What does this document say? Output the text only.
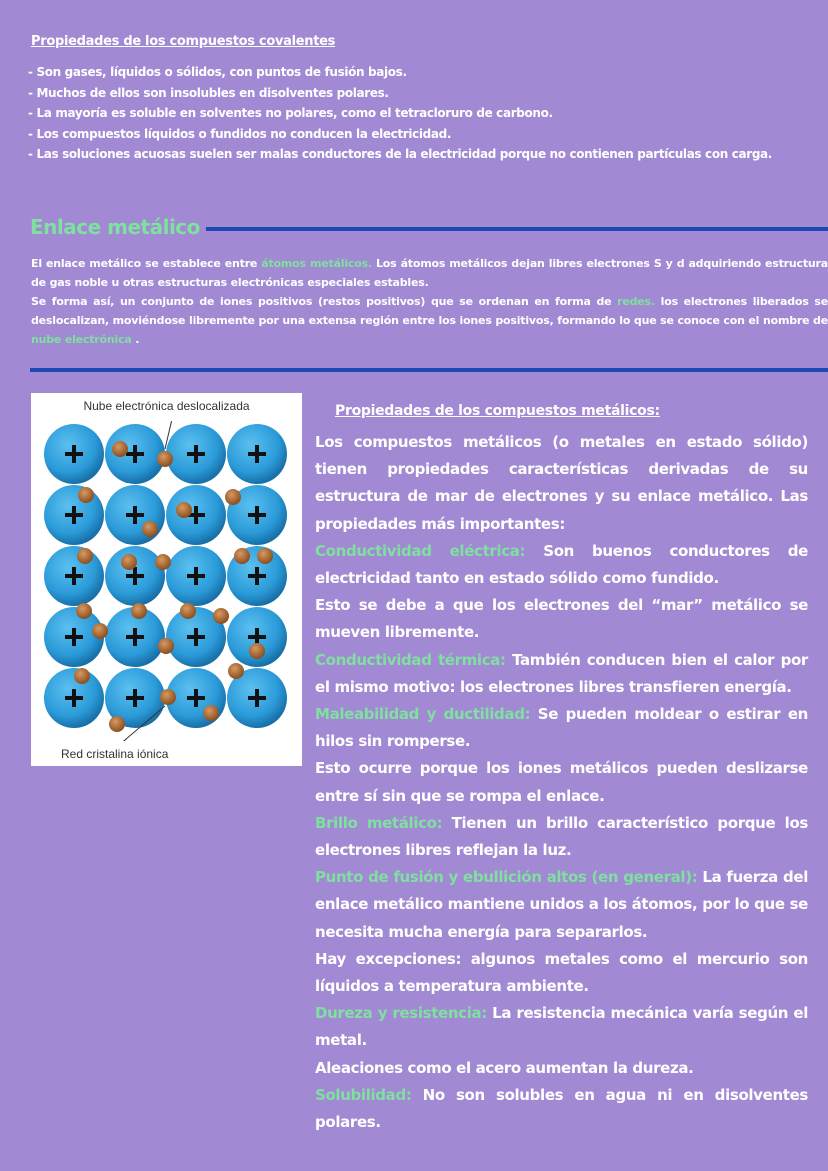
Propiedades de los compuestos covalentes
- Son gases, líquidos o sólidos, con puntos de fusión bajos.
- Muchos de ellos son insolubles en disolventes polares.
- La mayoría es soluble en solventes no polares, como el tetracloruro de carbono.
- Los compuestos líquidos o fundidos no conducen la electricidad.
- Las soluciones acuosas suelen ser malas conductores de la electricidad porque no contienen partículas con carga.
Enlace metálico
El enlace metálico se establece entre átomos metálicos. Los átomos metálicos dejan libres electrones S y d adquiriendo estructura de gas noble u otras estructuras electrónicas especiales estables.
Se forma así, un conjunto de iones positivos (restos positivos) que se ordenan en forma de redes. los electrones liberados se deslocalizan, moviéndose libremente por una extensa región entre los iones positivos, formando lo que se conoce con el nombre de nube electrónica .
Nube electrónica deslocalizada
Red cristalina iónica
Propiedades de los compuestos metálicos:

Los compuestos metálicos (o metales en estado sólido) tienen propiedades características derivadas de su estructura de mar de electrones y su enlace metálico. Las propiedades más importantes:

Conductividad eléctrica: Son buenos conductores de electricidad tanto en estado sólido como fundido.

Esto se debe a que los electrones del “mar” metálico se mueven libremente.

Conductividad térmica: También conducen bien el calor por el mismo motivo: los electrones libres transfieren energía.

Maleabilidad y ductilidad: Se pueden moldear o estirar en hilos sin romperse.

Esto ocurre porque los iones metálicos pueden deslizarse entre sí sin que se rompa el enlace.

Brillo metálico: Tienen un brillo característico porque los electrones libres reflejan la luz.

Punto de fusión y ebullición altos (en general): La fuerza del enlace metálico mantiene unidos a los átomos, por lo que se necesita mucha energía para separarlos.

Hay excepciones: algunos metales como el mercurio son líquidos a temperatura ambiente.

Dureza y resistencia: La resistencia mecánica varía según el metal.

Aleaciones como el acero aumentan la dureza.

Solubilidad: No son solubles en agua ni en disolventes polares.
